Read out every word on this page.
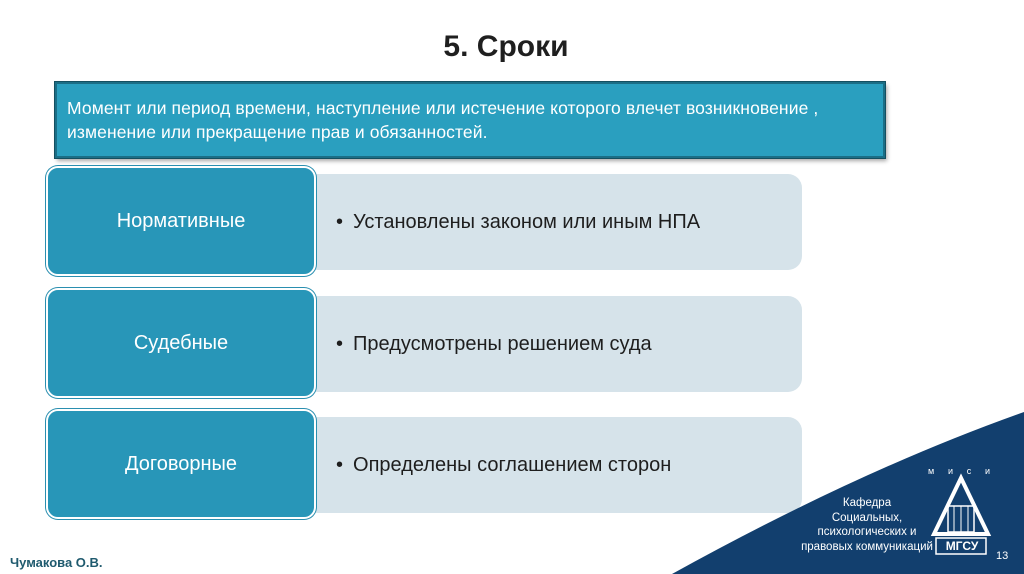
5. Сроки
Момент или период времени, наступление или истечение которого влечет возникновение , изменение или прекращение прав и обязанностей.
Нормативные	• Установлены законом или иным НПА
Судебные	• Предусмотрены решением суда
Договорные	• Определены соглашением сторон
Кафедра
Социальных,
психологических и
правовых коммуникаций
м и с и
МГСУ
13
Чумакова О.В.
